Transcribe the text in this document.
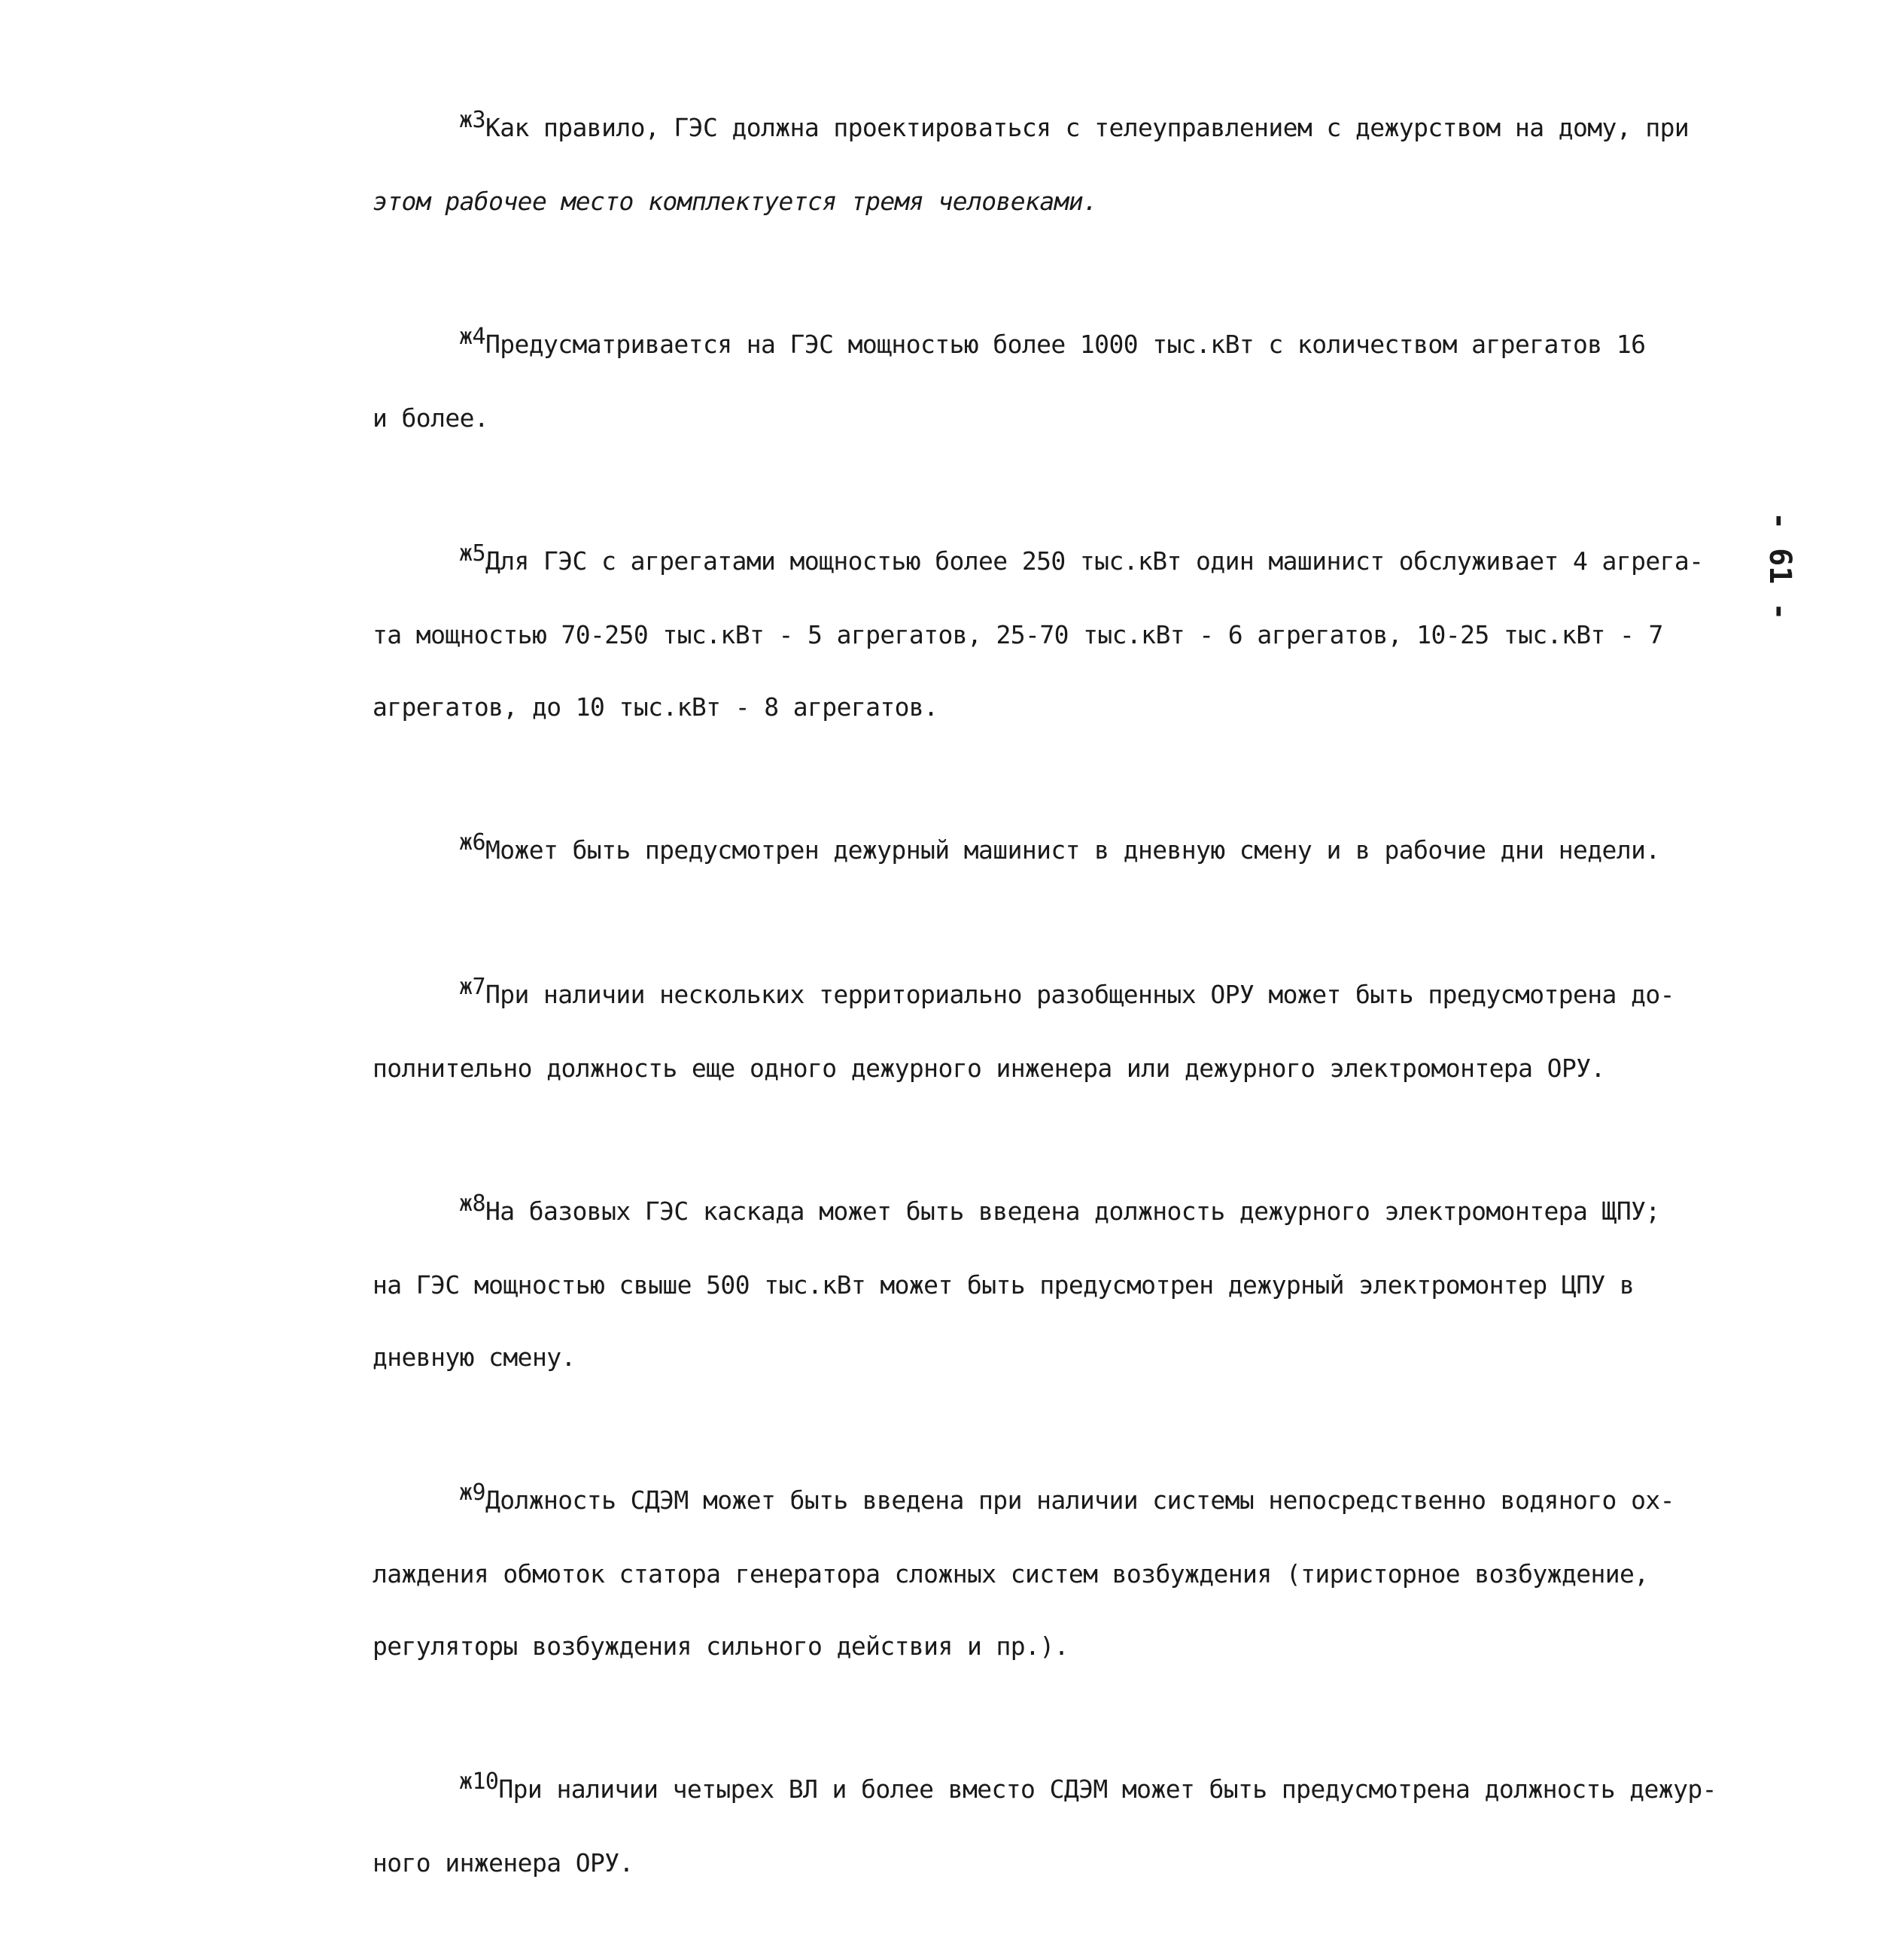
ж3Как правило, ГЭС должна проектироваться с телеуправлением с дежурством на дому, при

этом рабочее место комплектуется тремя человеками.

ж4Предусматривается на ГЭС мощностью более 1000 тыс.кВт с количеством агрегатов 16

и более.

ж5Для ГЭС с агрегатами мощностью более 250 тыс.кВт один машинист обслуживает 4 агрега-

та мощностью 70-250 тыс.кВт - 5 агрегатов, 25-70 тыс.кВт - 6 агрегатов, 10-25 тыс.кВт - 7

агрегатов, до 10 тыс.кВт - 8 агрегатов.

ж6Может быть предусмотрен дежурный машинист в дневную смену и в рабочие дни недели.

ж7При наличии нескольких территориально разобщенных ОРУ может быть предусмотрена до-

полнительно должность еще одного дежурного инженера или дежурного электромонтера ОРУ.

ж8На базовых ГЭС каскада может быть введена должность дежурного электромонтера ЩПУ;

на ГЭС мощностью свыше 500 тыс.кВт может быть предусмотрен дежурный электромонтер ЦПУ в

дневную смену.

ж9Должность СДЭМ может быть введена при наличии системы непосредственно водяного ох-

лаждения обмоток статора генератора сложных систем возбуждения (тиристорное возбуждение,

регуляторы возбуждения сильного действия и пр.).

ж10При наличии четырех ВЛ и более вместо СДЭМ может быть предусмотрена должность дежур-

ного инженера ОРУ.

- 61 -
